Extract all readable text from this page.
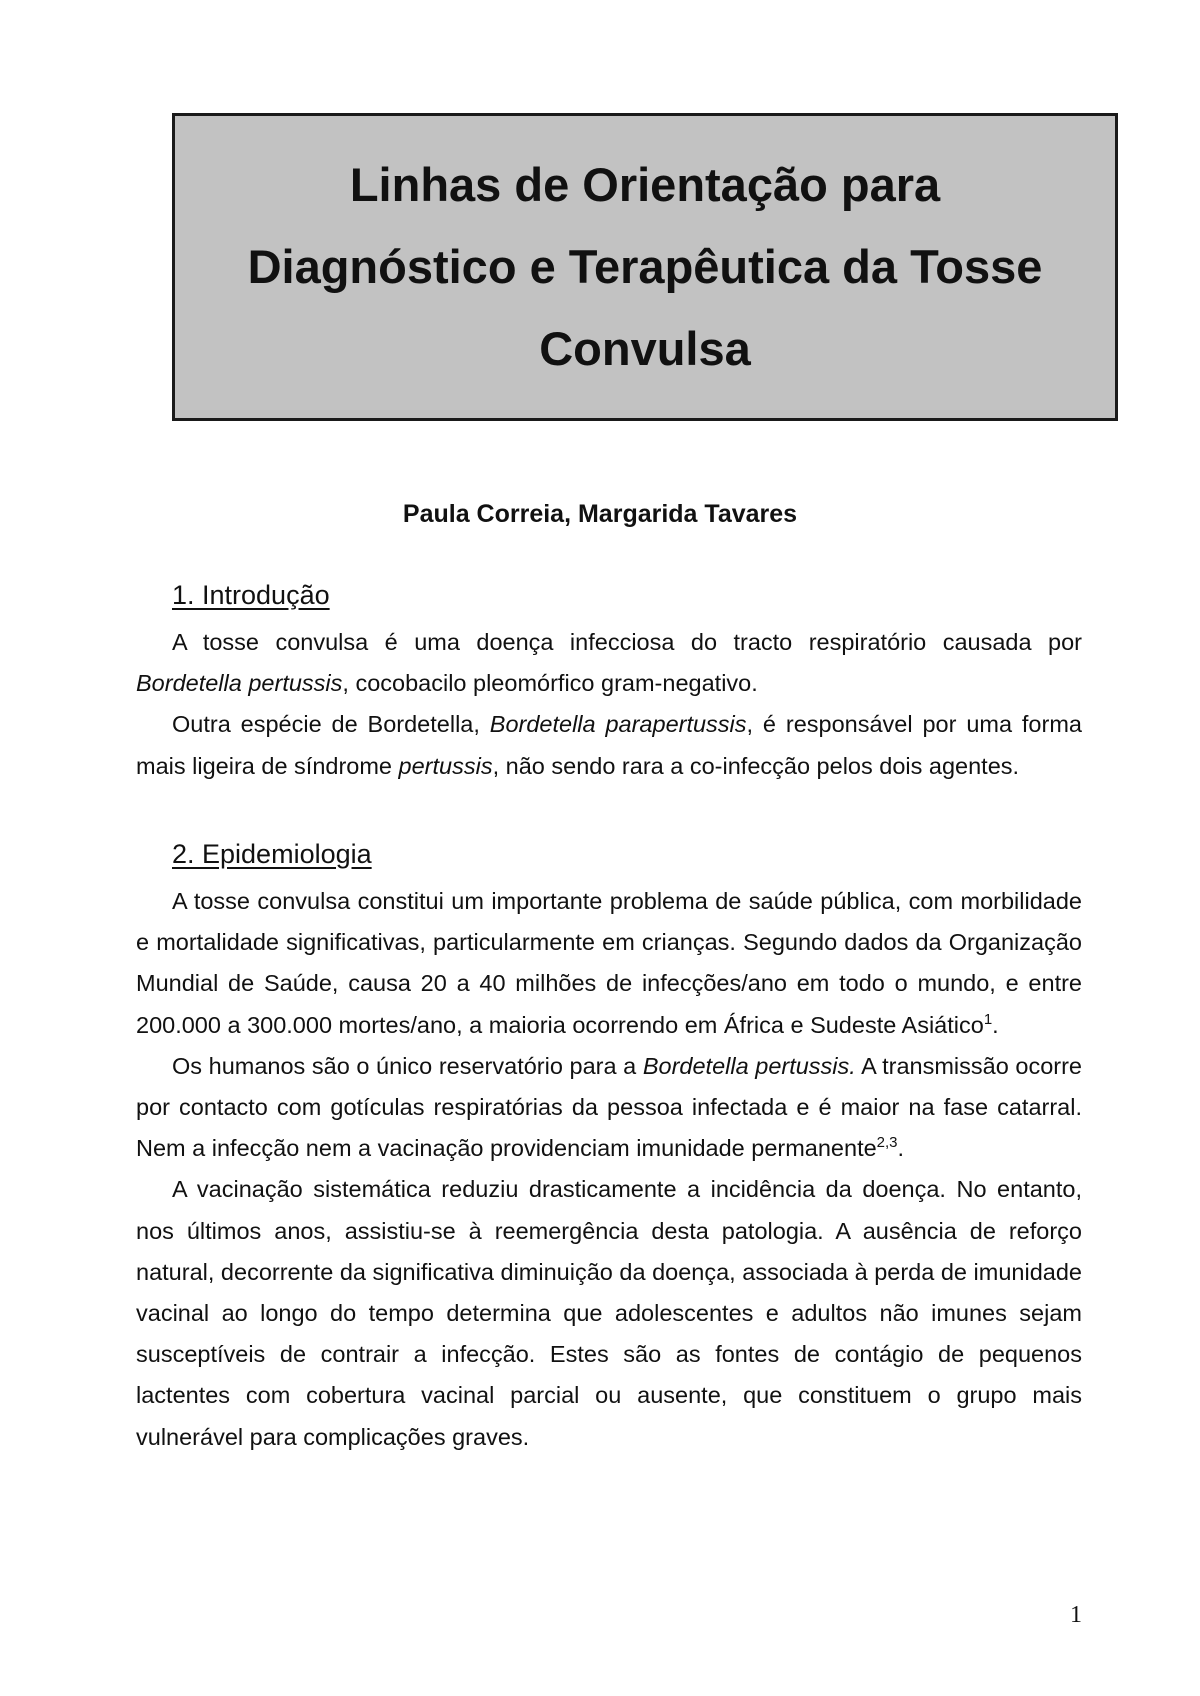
Linhas de Orientação para
Diagnóstico e Terapêutica da Tosse
Convulsa
Paula Correia, Margarida Tavares
1. Introdução

A tosse convulsa é uma doença infecciosa do tracto respiratório causada por Bordetella pertussis, cocobacilo pleomórfico gram-negativo.

Outra espécie de Bordetella, Bordetella parapertussis, é responsável por uma forma mais ligeira de síndrome pertussis, não sendo rara a co-infecção pelos dois agentes.

2. Epidemiologia

A tosse convulsa constitui um importante problema de saúde pública, com morbilidade e mortalidade significativas, particularmente em crianças. Segundo dados da Organização Mundial de Saúde, causa 20 a 40 milhões de infecções/ano em todo o mundo, e entre 200.000 a 300.000 mortes/ano, a maioria ocorrendo em África e Sudeste Asiático$^1$.

Os humanos são o único reservatório para a Bordetella pertussis. A transmissão ocorre por contacto com gotículas respiratórias da pessoa infectada e é maior na fase catarral. Nem a infecção nem a vacinação providenciam imunidade permanente$^{2,3}$.

A vacinação sistemática reduziu drasticamente a incidência da doença. No entanto, nos últimos anos, assistiu-se à reemergência desta patologia. A ausência de reforço natural, decorrente da significativa diminuição da doença, associada à perda de imunidade vacinal ao longo do tempo determina que adolescentes e adultos não imunes sejam susceptíveis de contrair a infecção. Estes são as fontes de contágio de pequenos lactentes com cobertura vacinal parcial ou ausente, que constituem o grupo mais vulnerável para complicações graves.

1
